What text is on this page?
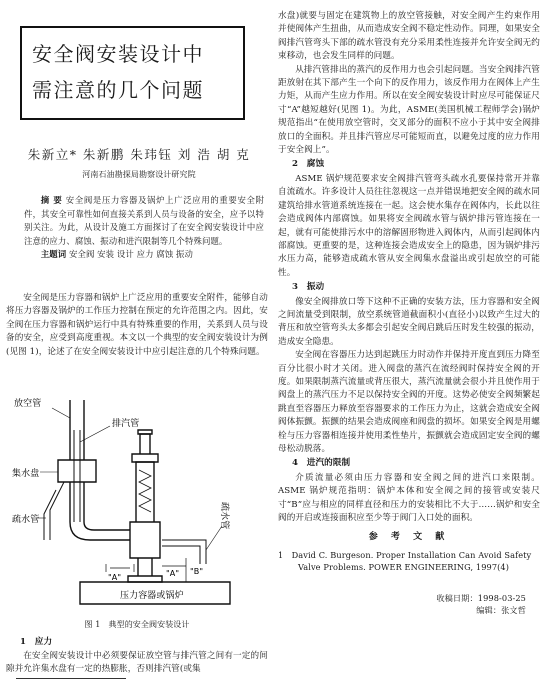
安全阀安装设计中
需注意的几个问题
朱新立* 朱新鹏 朱玮钰 刘 浩 胡 克
河南石油勘探局勘察设计研究院

摘 要 安全阀是压力容器及锅炉上广泛应用的重要安全附件，其安全可靠性如何直接关系到人员与设备的安全，应予以特别关注。为此，从设计及施工方面探讨了在安全阀安装设计中应注意的应力、腐蚀、振动和进汽限制等几个特殊问题。

主题词 安全阀 安装 设计 应力 腐蚀 振动

安全阀是压力容器和锅炉上广泛应用的重要安全附件，能够自动将压力容器及锅炉的工作压力控制在预定的允许范围之内。因此，安全阀在压力容器和锅炉运行中具有特殊重要的作用，关系到人员与设备的安全，应受到高度重视。本文以一个典型的安全阀安装设计为例(见图 1)，论述了在安全阀安装设计中应引起注意的几个特殊问题。

放空管
排汽管
集水盘
疏水管	疏水管
"A"	"A" "B"
压力容器或锅炉
图 1　典型的安全阀安装设计
1　应力

在安全阀安装设计中必须要保证放空管与排汽管之间有一定的间隙并允许集水盘有一定的热膨胀，否则排汽管(或集

水盘)就要与固定在建筑物上的放空管接触，对安全阀产生约束作用并使阀体产生扭曲，从而造成安全阀不稳定性动作。同理，如果安全阀排汽管弯头下部的疏水管没有充分采用柔性连接并允许安全阀无约束移动，也会发生同样的问题。

从排汽管排出的蒸汽的反作用力也会引起问题。当安全阀排汽管距放射在其下部产生一个向下的反作用力，该反作用力在阀体上产生力矩，从而产生应力作用。所以在安全阀安装设计时应尽可能保证尺寸“A”越短越好(见图 1)。为此，ASME(美国机械工程师学会)锅炉规范指出“在使用放空管时，交叉部分的面积不应小于其中安全阀排放口的全面积。并且排汽管应尽可能短而直，以避免过度的应力作用于安全阀上”。

2　腐蚀

ASME 锅炉规范要求安全阀排汽管弯头疏水孔要保持常开并靠自流疏水。许多设计人员往往忽视这一点并错误地把安全阀的疏水同建筑给排水管道系统连接在一起。这会使水集存在阀体内，长此以往会造成阀体内部腐蚀。如果将安全阀疏水管与锅炉排污管连接在一起，就有可能使排污水中的溶解固形物进入阀体内，从而引起阀体内部腐蚀。更重要的是，这种连接会造成安全上的隐患，因为锅炉排污水压力高，能够造成疏水管从安全阀集水盘溢出或引起放空的可能性。

3　振动

像安全阀排放口等下这种不正确的安装方法，压力容器和安全阀之间流量受到限制，放空系统管道截面积小(直径小)以致产生过大的背压和放空管弯头太多都会引起安全阀启跳后压时发生较强的振动，造成安全隐患。

安全阀在容器压力达到起跳压力时动作并保持开度直到压力降至百分比很小时才关闭。进入阀盘的蒸汽在流经阀时保持安全阀的开度。如果限制蒸汽流量或背压很大，蒸汽流量就会很小并且使作用于阀盘上的蒸汽压力不足以保持安全阀的开度。这势必使安全阀频繁起跳直至容器压力释放至容器要求的工作压力为止，这就会造成安全阀阀体振颤。振颤的结果会造成阀座和阀盘的损坏。如果安全阀是用螺栓与压力容器相连接并使用柔性垫片，振颤就会造成固定安全阀的螺母松动脱落。

4　进汽的限制

介质流量必须由压力容器和安全阀之间的进汽口来限制。ASME 锅炉规范指明：锅炉本体和安全阀之间的接管或安装尺寸“B”应与相应的同样直径和压力的安装相比不大于……锅炉和安全阀的开启或连接面积应至少等于阀门入口处的面积。

参 考 文 献

1　David C. Burgeson. Proper Installation Can Avoid Safety Valve Problems. POWER ENGINEERING, 1997(4)

收稿日期：1998-03-25
编辑：张文哲
